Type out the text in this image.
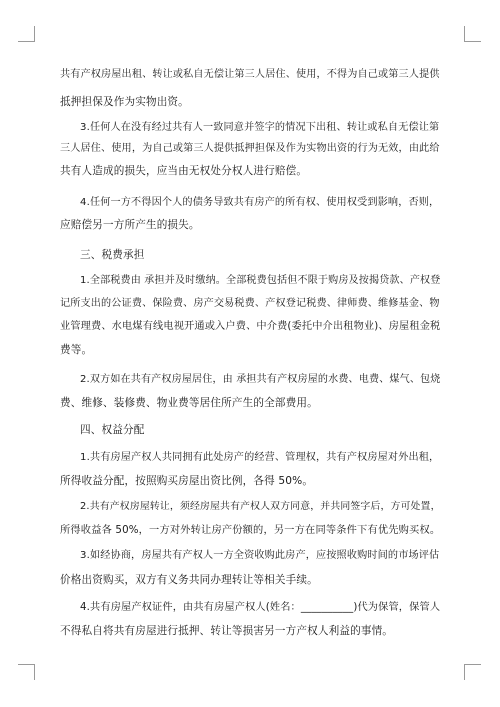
共有产权房屋出租、转让或私自无偿让第三人居住、使用，不得为自己或第三人提供
抵押担保及作为实物出资。
3.任何人在没有经过共有人一致同意并签字的情况下出租、转让或私自无偿让第
三人居住、使用，为自己或第三人提供抵押担保及作为实物出资的行为无效，由此给
共有人造成的损失，应当由无权处分权人进行赔偿。
4.任何一方不得因个人的债务导致共有房产的所有权、使用权受到影响，否则，
应赔偿另一方所产生的损失。
三、税费承担
1.全部税费由 承担并及时缴纳。全部税费包括但不限于购房及按揭贷款、产权登
记所支出的公证费、保险费、房产交易税费、产权登记税费、律师费、维修基金、物
业管理费、水电煤有线电视开通或入户费、中介费(委托中介出租物业)、房屋租金税
费等。
2.双方如在共有产权房屋居住，由 承担共有产权房屋的水费、电费、煤气、包烧
费、维修、装修费、物业费等居住所产生的全部费用。
四、权益分配
1.共有房屋产权人共同拥有此处房产的经营、管理权，共有产权房屋对外出租，
所得收益分配，按照购买房屋出资比例，各得 50%。
2.共有产权房屋转让，须经房屋共有产权人双方同意，并共同签字后，方可处置，
所得收益各 50%，一方对外转让房产份额的，另一方在同等条件下有优先购买权。
3.如经协商，房屋共有产权人一方全资收购此房产，应按照收购时间的市场评估
价格出资购买，双方有义务共同办理转让等相关手续。
4.共有房屋产权证件，由共有房屋产权人(姓名：__________)代为保管，保管人
不得私自将共有房屋进行抵押、转让等损害另一方产权人利益的事情。
